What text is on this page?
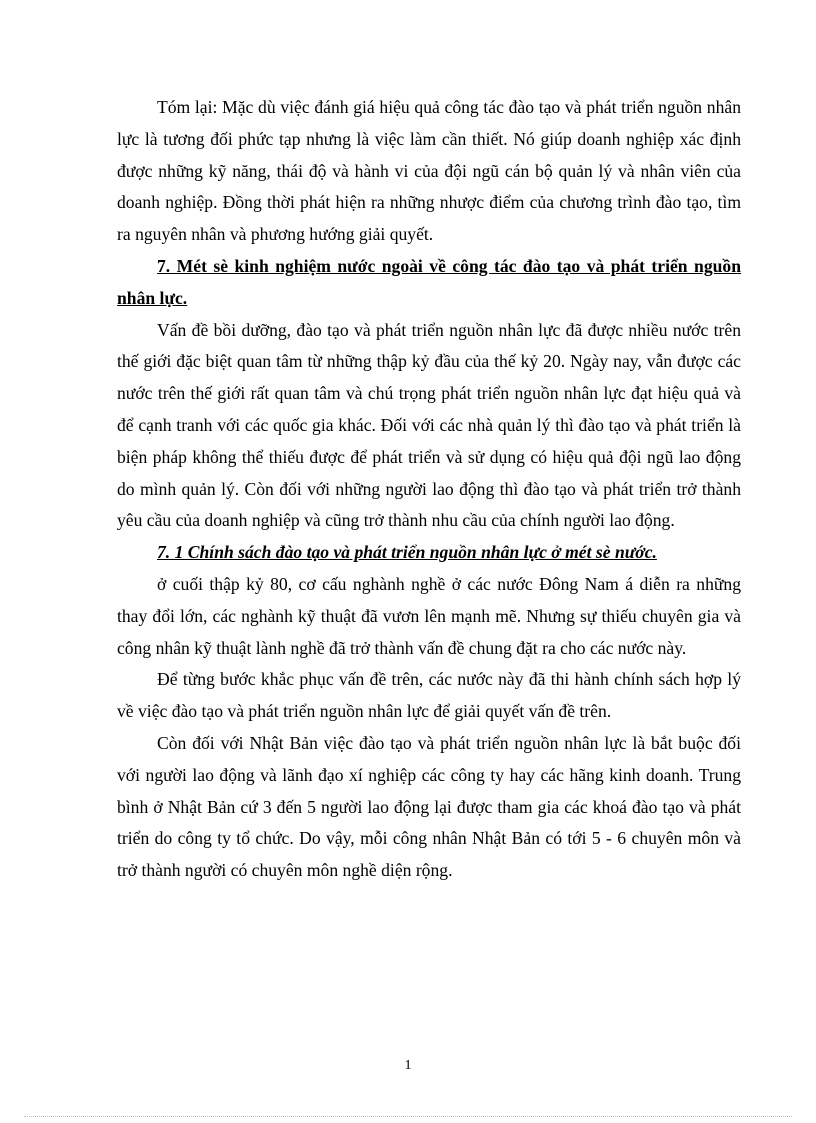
Tóm lại: Mặc dù việc đánh giá hiệu quả công tác đào tạo và phát triển nguồn nhân lực là tương đối phức tạp nhưng là việc làm cần thiết. Nó giúp doanh nghiệp xác định được những kỹ năng, thái độ và hành vi của đội ngũ cán bộ quản lý và nhân viên của doanh nghiệp. Đồng thời phát hiện ra những nhược điểm của chương trình đào tạo, tìm ra nguyên nhân và phương hướng giải quyết.

7. Mét sè kinh nghiệm nước ngoài về công tác đào tạo và phát triển nguồn nhân lực.

Vấn đề bồi dưỡng, đào tạo và phát triển nguồn nhân lực đã được nhiều nước trên thế giới đặc biệt quan tâm từ những thập kỷ đầu của thế kỷ 20. Ngày nay, vẫn được các nước trên thế giới rất quan tâm và chú trọng phát triển nguồn nhân lực đạt hiệu quả và để cạnh tranh với các quốc gia khác. Đối với các nhà quản lý thì đào tạo và phát triển là biện pháp không thể thiếu được để phát triển và sử dụng có hiệu quả đội ngũ lao động do mình quản lý. Còn đối với những người lao động thì đào tạo và phát triển trở thành yêu cầu của doanh nghiệp và cũng trở thành nhu cầu của chính người lao động.

7. 1 Chính sách đào tạo và phát triển nguồn nhân lực ở mét sè nước.

ở cuối thập kỷ 80, cơ cấu nghành nghề ở các nước Đông Nam á diễn ra những thay đổi lớn, các nghành kỹ thuật đã vươn lên mạnh mẽ. Nhưng sự thiếu chuyên gia và công nhân kỹ thuật lành nghề đã trở thành vấn đề chung đặt ra cho các nước này.

Để từng bước khắc phục vấn đề trên, các nước này đã thi hành chính sách hợp lý về việc đào tạo và phát triển nguồn nhân lực để giải quyết vấn đề trên.

Còn đối với Nhật Bản việc đào tạo và phát triển nguồn nhân lực là bắt buộc đối với người lao động và lãnh đạo xí nghiệp các công ty hay các hãng kinh doanh. Trung bình ở Nhật Bản cứ 3 đến 5 người lao động lại được tham gia các khoá đào tạo và phát triển do công ty tổ chức. Do vậy, mỗi công nhân Nhật Bản có tới 5 - 6 chuyên môn và trở thành người có chuyên môn nghề diện rộng.

1
